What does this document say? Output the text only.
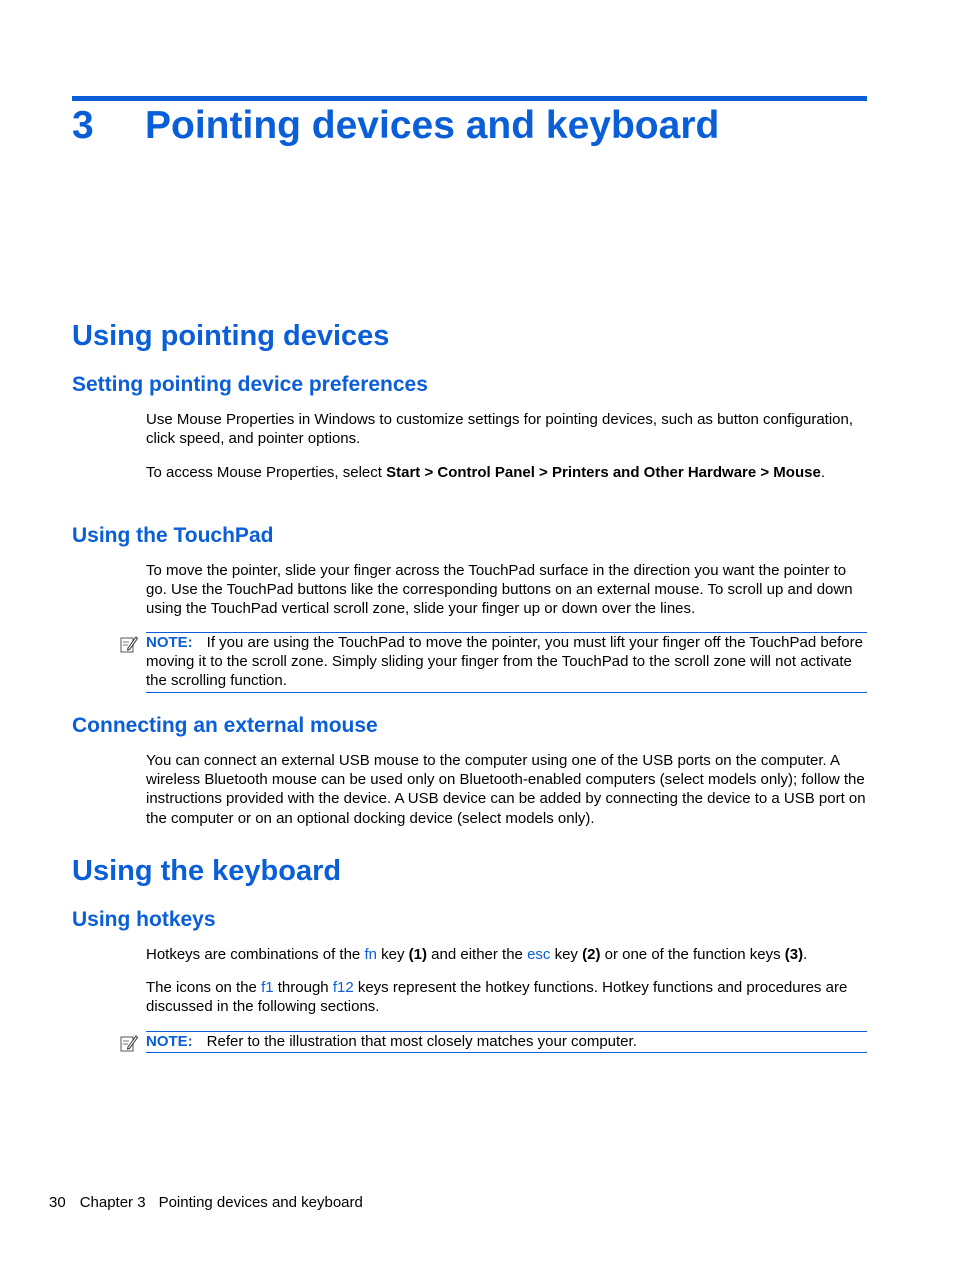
3 Pointing devices and keyboard
Using pointing devices
Setting pointing device preferences

Use Mouse Properties in Windows to customize settings for pointing devices, such as button configuration, click speed, and pointer options.

To access Mouse Properties, select Start > Control Panel > Printers and Other Hardware > Mouse.

Using the TouchPad

To move the pointer, slide your finger across the TouchPad surface in the direction you want the pointer to go. Use the TouchPad buttons like the corresponding buttons on an external mouse. To scroll up and down using the TouchPad vertical scroll zone, slide your finger up or down over the lines.

NOTE: If you are using the TouchPad to move the pointer, you must lift your finger off the TouchPad before moving it to the scroll zone. Simply sliding your finger from the TouchPad to the scroll zone will not activate the scrolling function.
Connecting an external mouse

You can connect an external USB mouse to the computer using one of the USB ports on the computer. A wireless Bluetooth mouse can be used only on Bluetooth-enabled computers (select models only); follow the instructions provided with the device. A USB device can be added by connecting the device to a USB port on the computer or on an optional docking device (select models only).

Using the keyboard
Using hotkeys

Hotkeys are combinations of the fn key (1) and either the esc key (2) or one of the function keys (3).

The icons on the f1 through f12 keys represent the hotkey functions. Hotkey functions and procedures are discussed in the following sections.

NOTE: Refer to the illustration that most closely matches your computer.
30 Chapter 3 Pointing devices and keyboard
